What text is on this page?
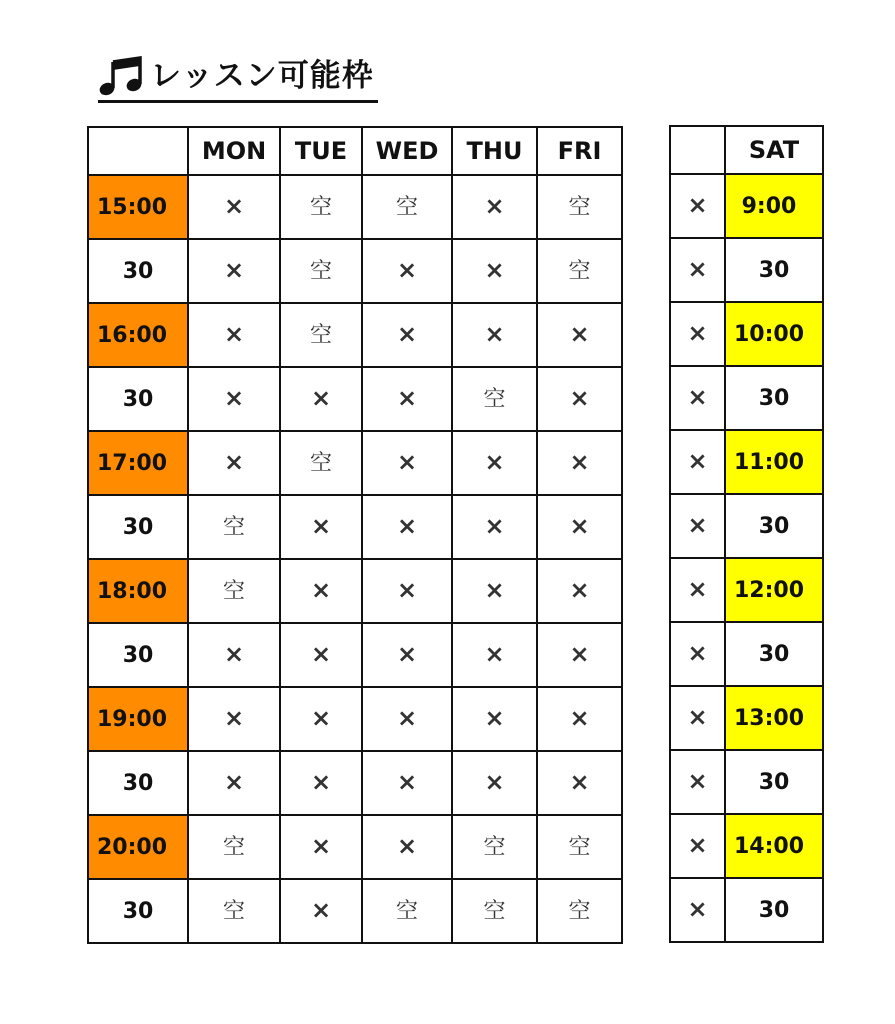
レッスン可能枠
	MON	TUE	WED	THU	FRI
15:00	×	空	空	×	空
30	×	空	×	×	空
16:00	×	空	×	×	×
30	×	×	×	空	×
17:00	×	空	×	×	×
30	空	×	×	×	×
18:00	空	×	×	×	×
30	×	×	×	×	×
19:00	×	×	×	×	×
30	×	×	×	×	×
20:00	空	×	×	空	空
30	空	×	空	空	空
	SAT
×	9:00
×	30
×	10:00
×	30
×	11:00
×	30
×	12:00
×	30
×	13:00
×	30
×	14:00
×	30
